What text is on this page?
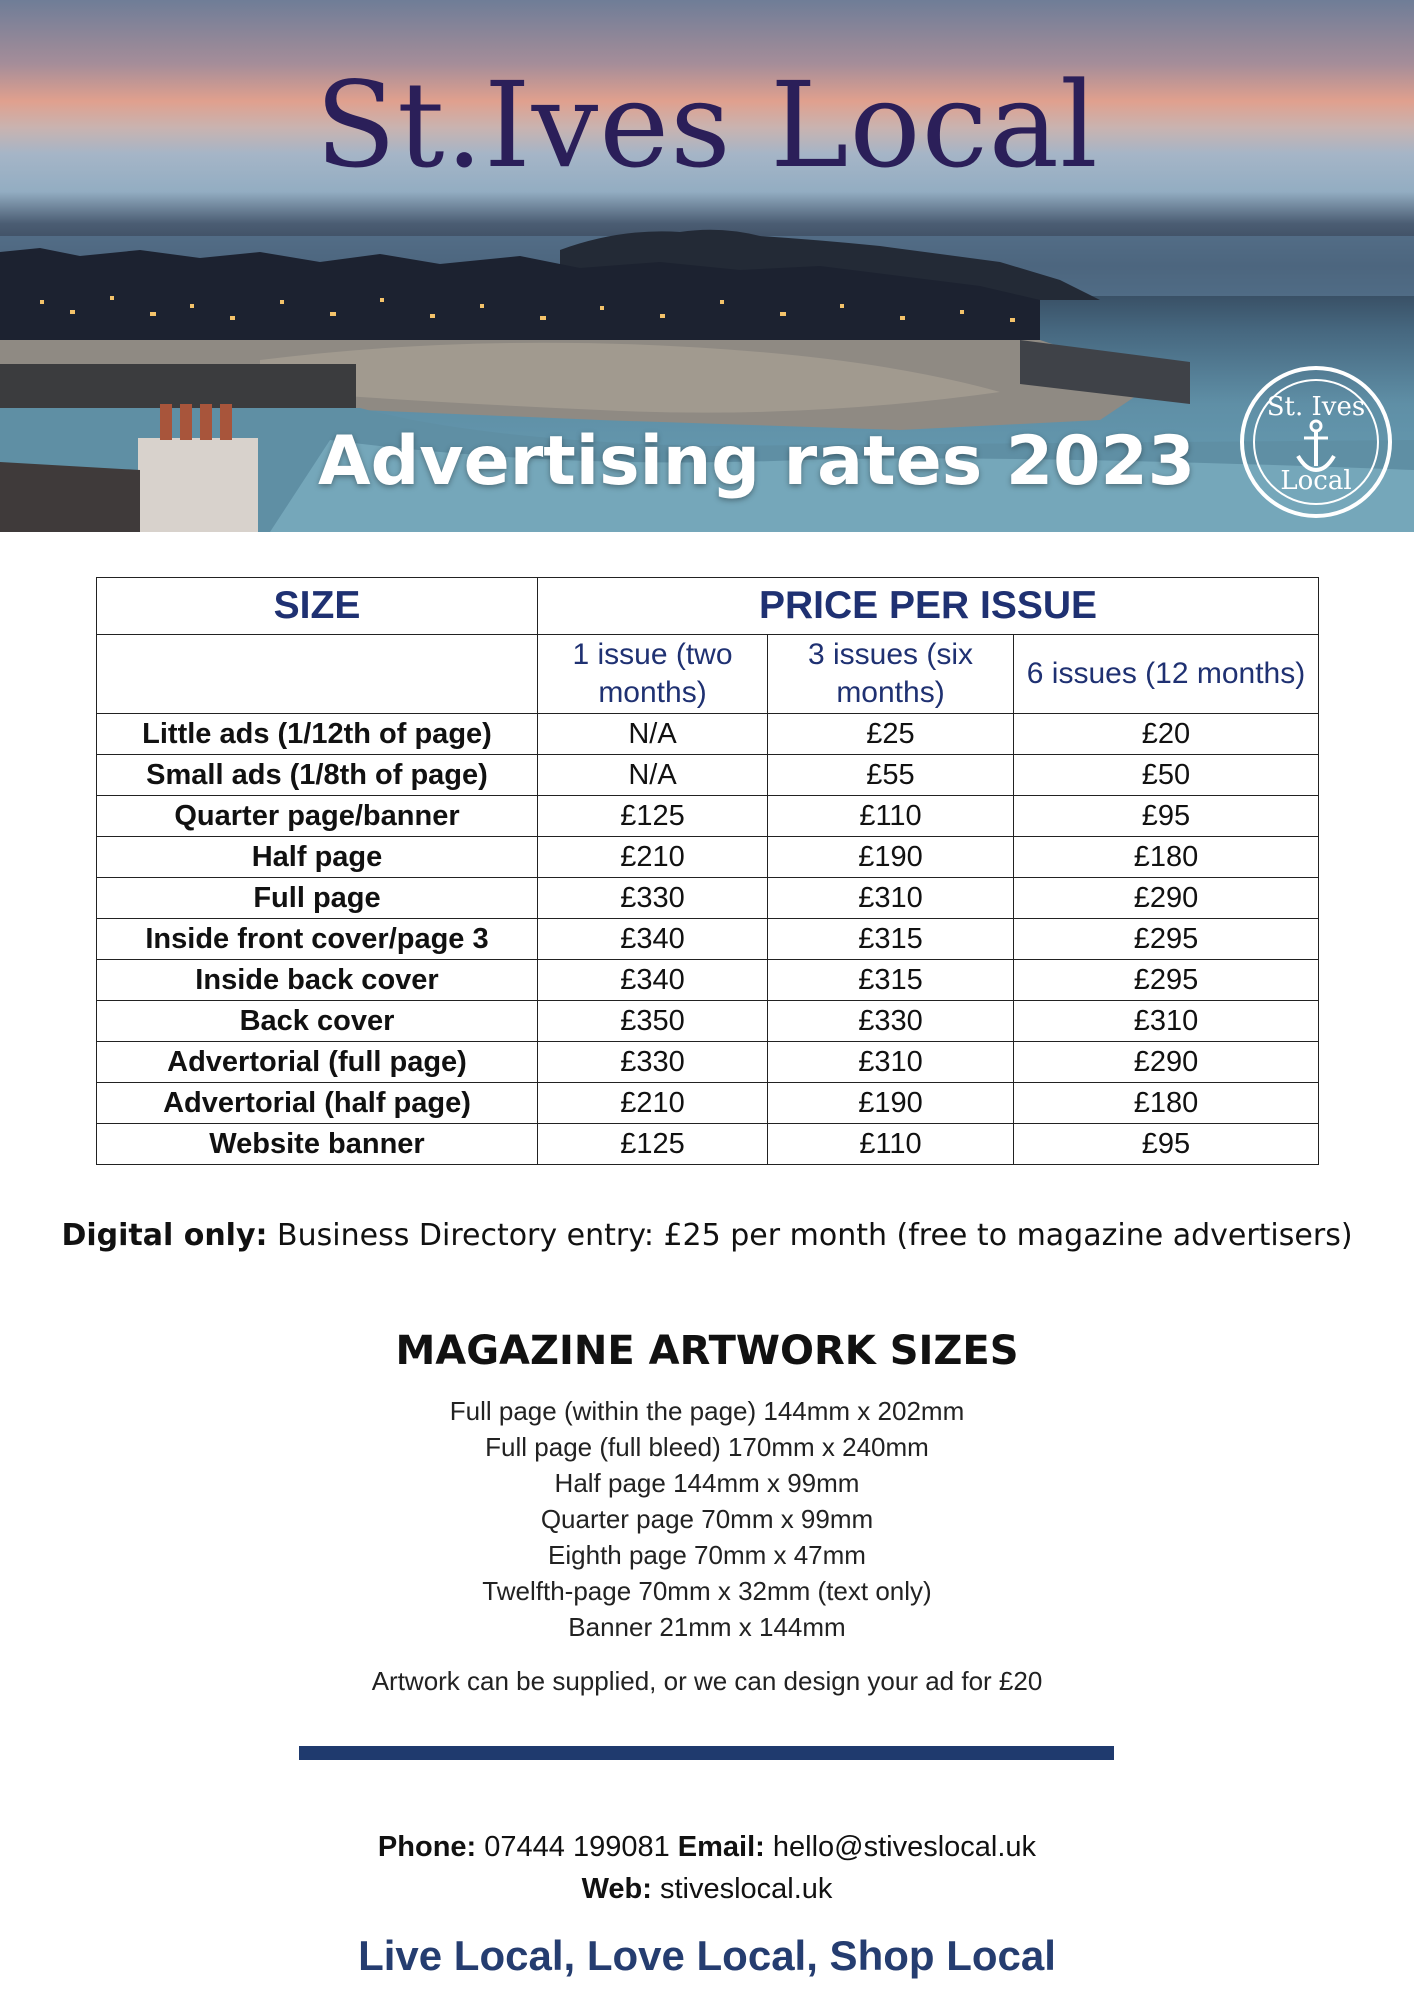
St.Ives Local
Advertising rates 2023
St. Ives
Local
SIZE	PRICE PER ISSUE		
	1 issue (two months)	3 issues (six months)	6 issues (12 months)
Little ads (1/12th of page)	N/A	£25	£20
Small ads (1/8th of page)	N/A	£55	£50
Quarter page/banner	£125	£110	£95
Half page	£210	£190	£180
Full page	£330	£310	£290
Inside front cover/page 3	£340	£315	£295
Inside back cover	£340	£315	£295
Back cover	£350	£330	£310
Advertorial (full page)	£330	£310	£290
Advertorial (half page)	£210	£190	£180
Website banner	£125	£110	£95
Digital only: Business Directory entry: £25 per month (free to magazine advertisers)
MAGAZINE ARTWORK SIZES
Full page (within the page) 144mm x 202mm
Full page (full bleed) 170mm x 240mm
Half page 144mm x 99mm
Quarter page 70mm x 99mm
Eighth page 70mm x 47mm
Twelfth-page 70mm x 32mm (text only)
Banner 21mm x 144mm
Artwork can be supplied, or we can design your ad for £20
Phone: 07444 199081 Email: hello@stiveslocal.uk
Web: stiveslocal.uk
Live Local, Love Local, Shop Local
